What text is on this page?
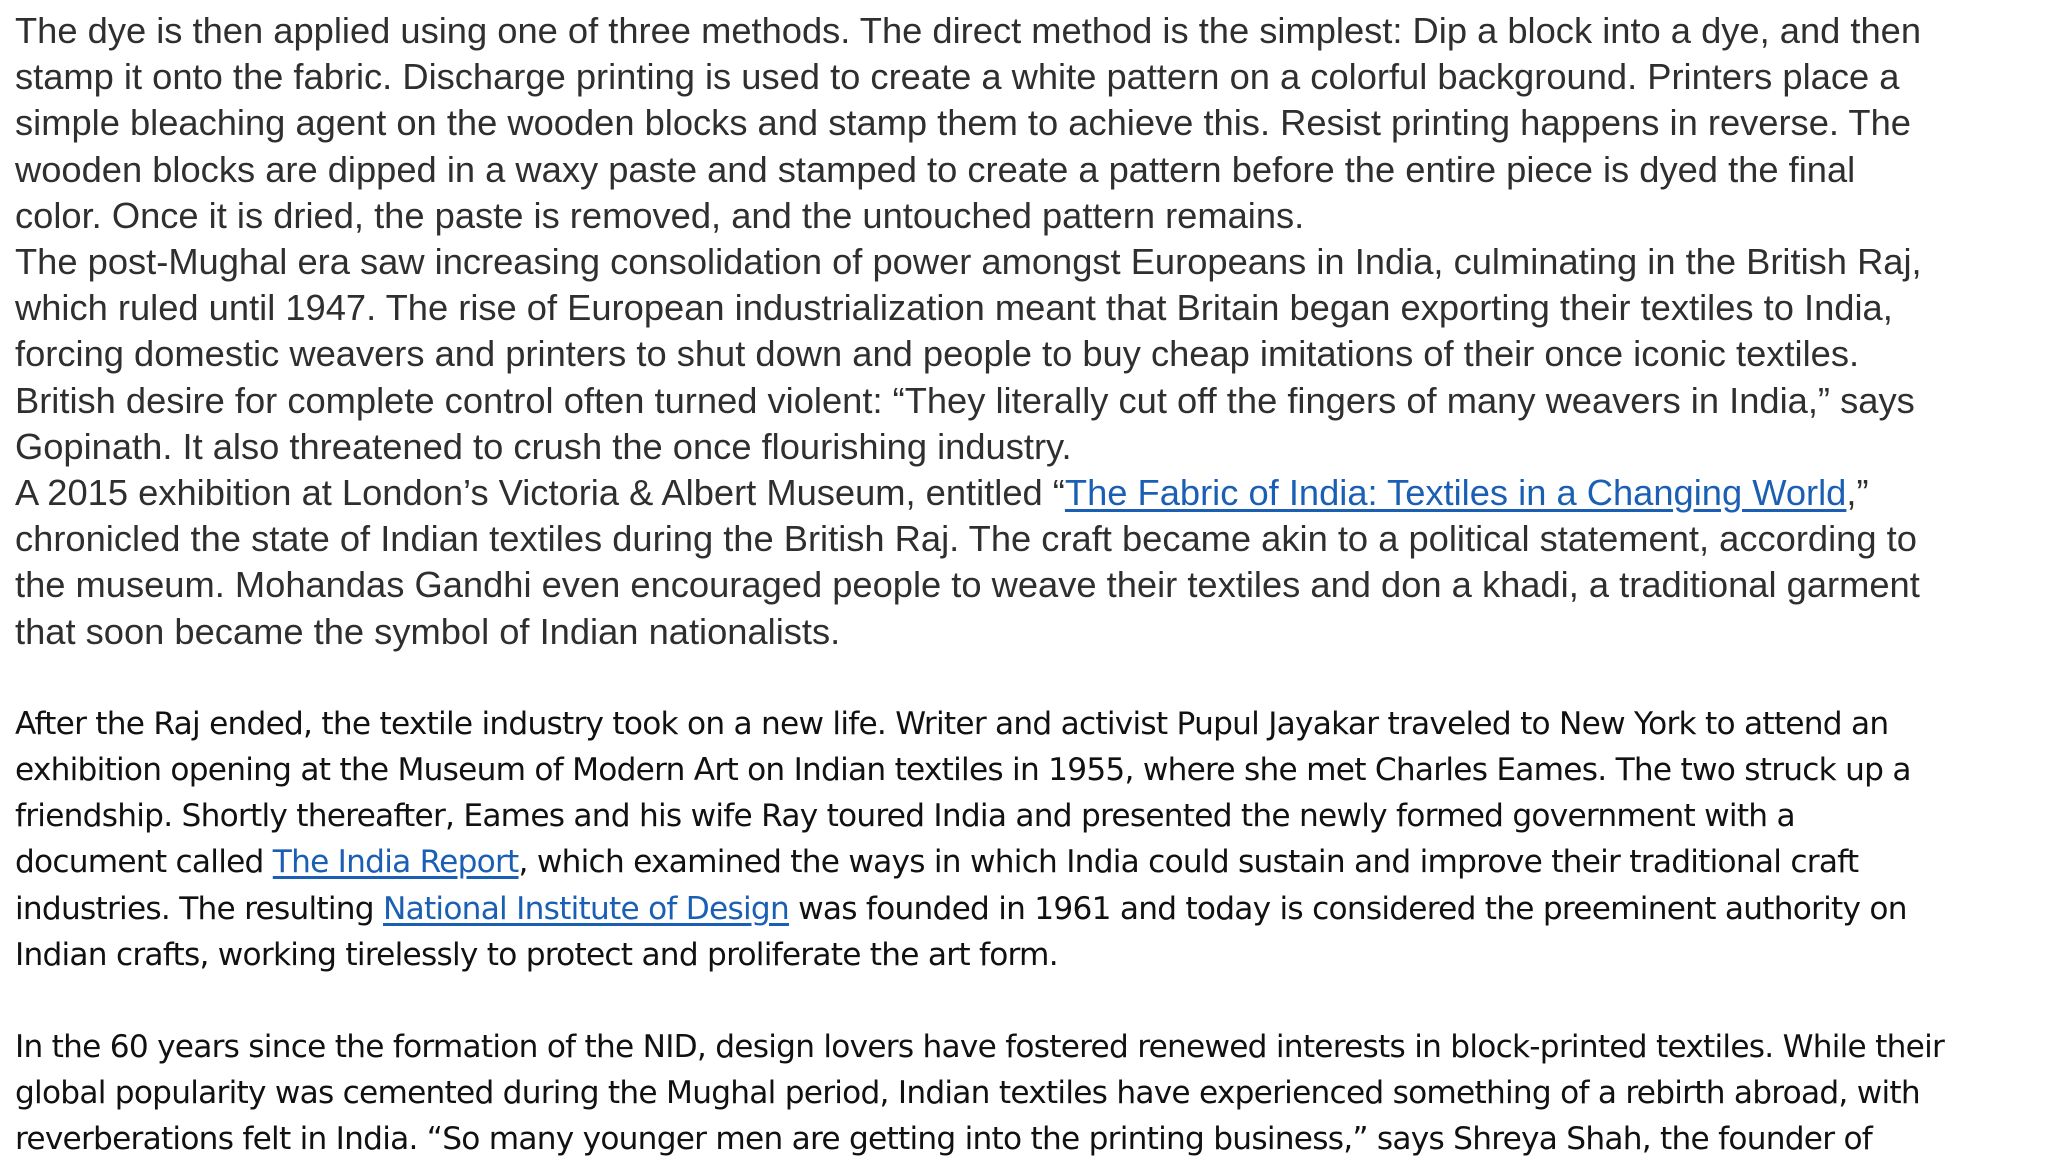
The dye is then applied using one of three methods. The direct method is the simplest: Dip a block into a dye, and then
stamp it onto the fabric. Discharge printing is used to create a white pattern on a colorful background. Printers place a
simple bleaching agent on the wooden blocks and stamp them to achieve this. Resist printing happens in reverse. The
wooden blocks are dipped in a waxy paste and stamped to create a pattern before the entire piece is dyed the final
color. Once it is dried, the paste is removed, and the untouched pattern remains.

The post-Mughal era saw increasing consolidation of power amongst Europeans in India, culminating in the British Raj,
which ruled until 1947. The rise of European industrialization meant that Britain began exporting their textiles to India,
forcing domestic weavers and printers to shut down and people to buy cheap imitations of their once iconic textiles.
British desire for complete control often turned violent: “They literally cut off the fingers of many weavers in India,” says
Gopinath. It also threatened to crush the once flourishing industry.

A 2015 exhibition at London’s Victoria & Albert Museum, entitled “The Fabric of India: Textiles in a Changing World,”
chronicled the state of Indian textiles during the British Raj. The craft became akin to a political statement, according to
the museum. Mohandas Gandhi even encouraged people to weave their textiles and don a khadi, a traditional garment
that soon became the symbol of Indian nationalists.

After the Raj ended, the textile industry took on a new life. Writer and activist Pupul Jayakar traveled to New York to attend an
exhibition opening at the Museum of Modern Art on Indian textiles in 1955, where she met Charles Eames. The two struck up a
friendship. Shortly thereafter, Eames and his wife Ray toured India and presented the newly formed government with a
document called The India Report, which examined the ways in which India could sustain and improve their traditional craft
industries. The resulting National Institute of Design was founded in 1961 and today is considered the preeminent authority on
Indian crafts, working tirelessly to protect and proliferate the art form.

In the 60 years since the formation of the NID, design lovers have fostered renewed interests in block-printed textiles. While their
global popularity was cemented during the Mughal period, Indian textiles have experienced something of a rebirth abroad, with
reverberations felt in India. “So many younger men are getting into the printing business,” says Shreya Shah, the founder of
